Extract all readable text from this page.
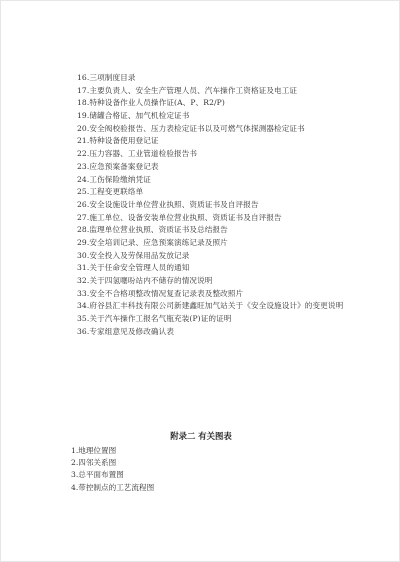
16.三项制度目录
17.主要负责人、安全生产管理人员、汽车操作工资格证及电工证
18.特种设备作业人员操作证(A、P、R2/P)
19.储罐合格证、加气机检定证书
20.安全阀校验报告、压力表检定证书以及可燃气体探测器检定证书
21.特种设备使用登记证
22.压力容器、工业管道检验报告书
23.应急预案备案登记表
24.工伤保险缴纳凭证
25.工程变更联络单
26.安全设施设计单位营业执照、资质证书及自评报告
27.施工单位、设备安装单位营业执照、资质证书及自评报告
28.监理单位营业执照、资质证书及总结报告
29.安全培训记录、应急预案演练记录及照片
30.安全投入及劳保用品发放记录
31.关于任命安全管理人员的通知
32.关于四氢噻吩站内不储存的情况说明
33.安全不合格项整改情况复查记录表及整改照片
34.府谷县汇丰科技有限公司新建鑫旺加气站关于《安全设施设计》的变更说明
35.关于汽车操作工报名气瓶充装(P)证的证明
36.专家组意见及修改确认表
附录二 有关图表
1.地理位置图
2.四邻关系图
3.总平面布置图
4.带控制点的工艺流程图
